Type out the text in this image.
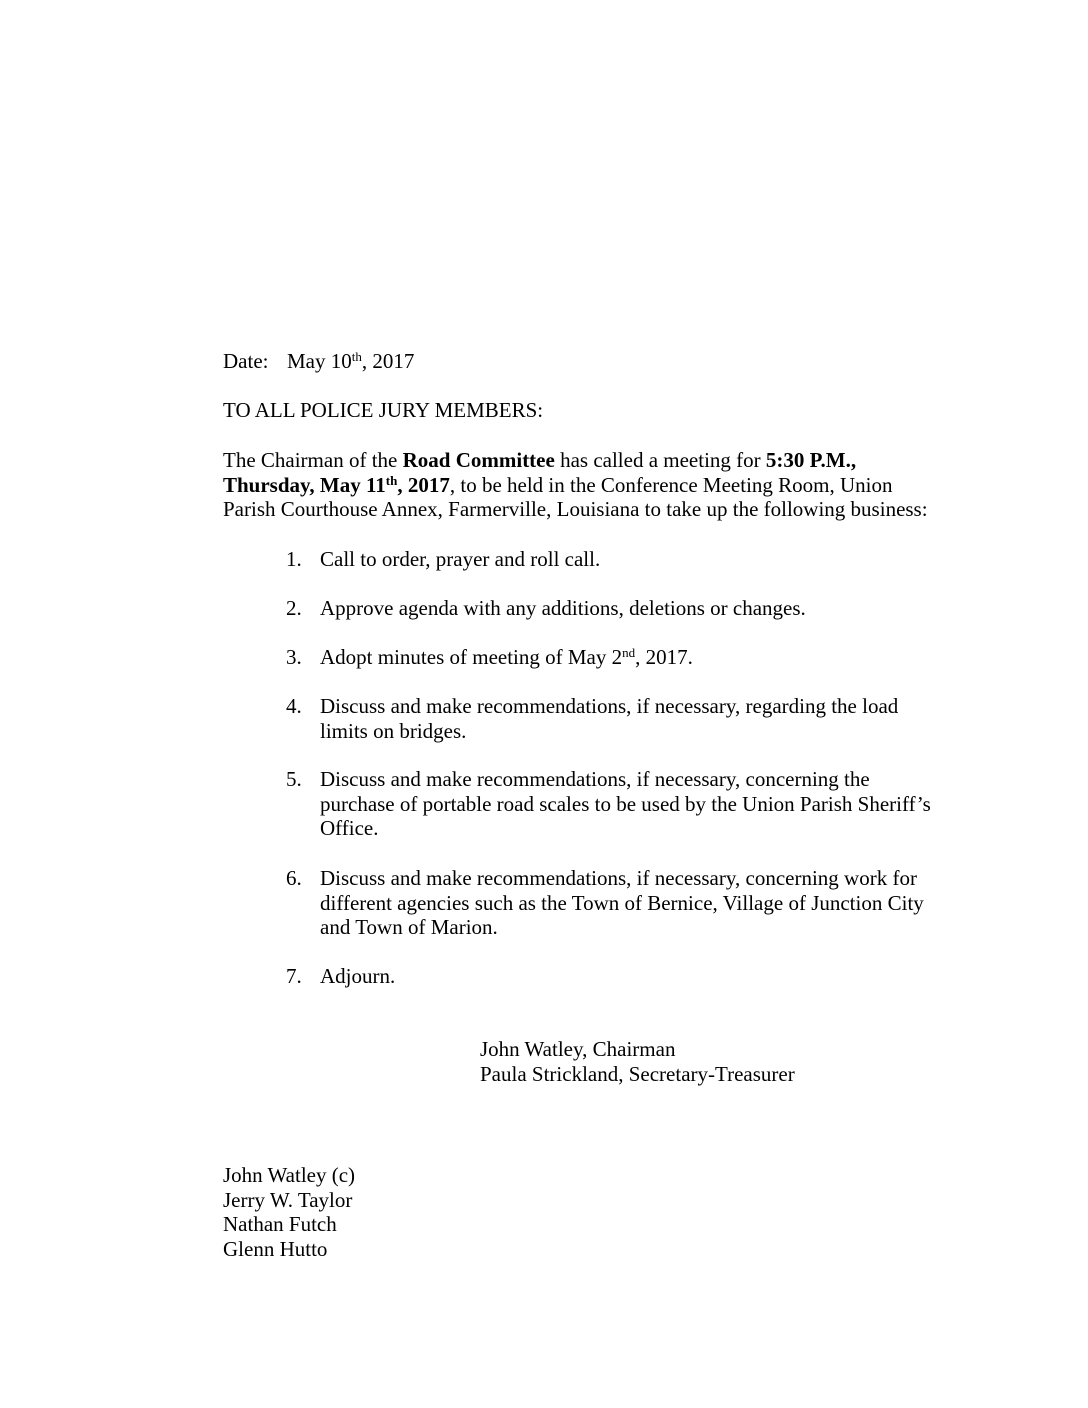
Date: May 10th, 2017
TO ALL POLICE JURY MEMBERS:
The Chairman of the Road Committee has called a meeting for 5:30 P.M.,
Thursday, May 11th, 2017, to be held in the Conference Meeting Room, Union
Parish Courthouse Annex, Farmerville, Louisiana to take up the following business:
1. Call to order, prayer and roll call.
2. Approve agenda with any additions, deletions or changes.
3. Adopt minutes of meeting of May 2nd, 2017.
4. Discuss and make recommendations, if necessary, regarding the load
limits on bridges.
5. Discuss and make recommendations, if necessary, concerning the
purchase of portable road scales to be used by the Union Parish Sheriff’s
Office.
6. Discuss and make recommendations, if necessary, concerning work for
different agencies such as the Town of Bernice, Village of Junction City
and Town of Marion.
7. Adjourn.
John Watley, Chairman
Paula Strickland, Secretary-Treasurer
John Watley (c)
Jerry W. Taylor
Nathan Futch
Glenn Hutto
